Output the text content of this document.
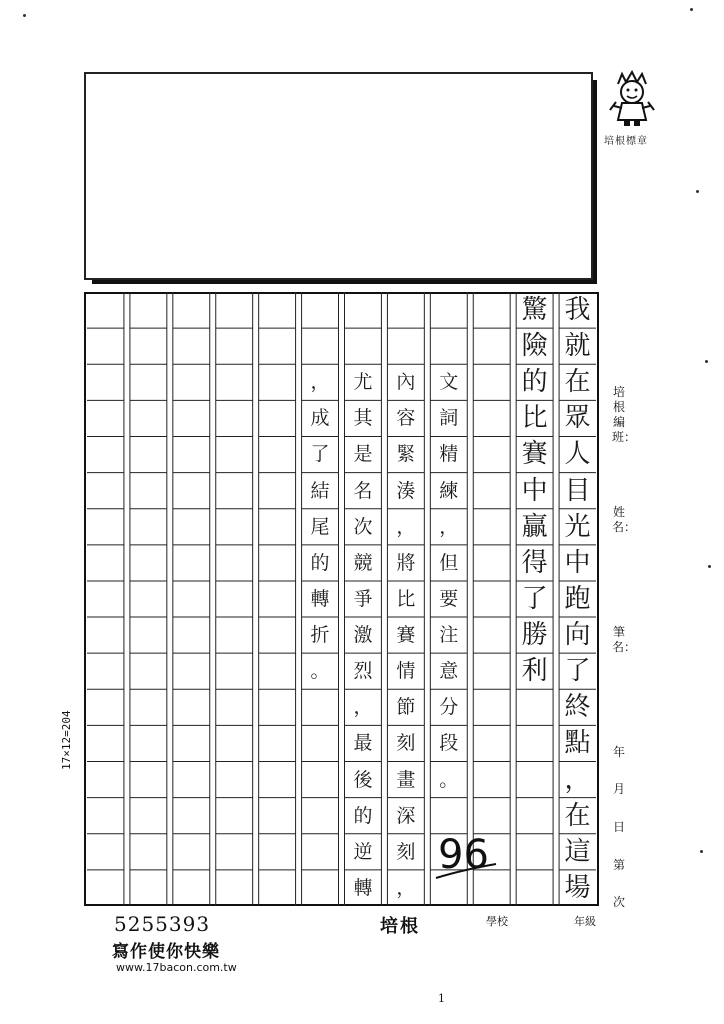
培根標章
培根編班：
姓名：
筆名：
年
月
日
第
次
17×12=204
我
就
在
眾
人
目
光
中
跑
向
了
終
點
，
在
這
場
驚
險
的
比
賽
中
贏
得
了
勝
利
文
詞
精
練
，
但
要
注
意
分
段
。
內
容
緊
湊
，
將
比
賽
情
節
刻
畫
深
刻
，
尤
其
是
名
次
競
爭
激
烈
，
最
後
的
逆
轉
，
成
了
結
尾
的
轉
折
。
96
5255393
寫作使你快樂
www.17bacon.com.tw
培根	學校	年級
1
